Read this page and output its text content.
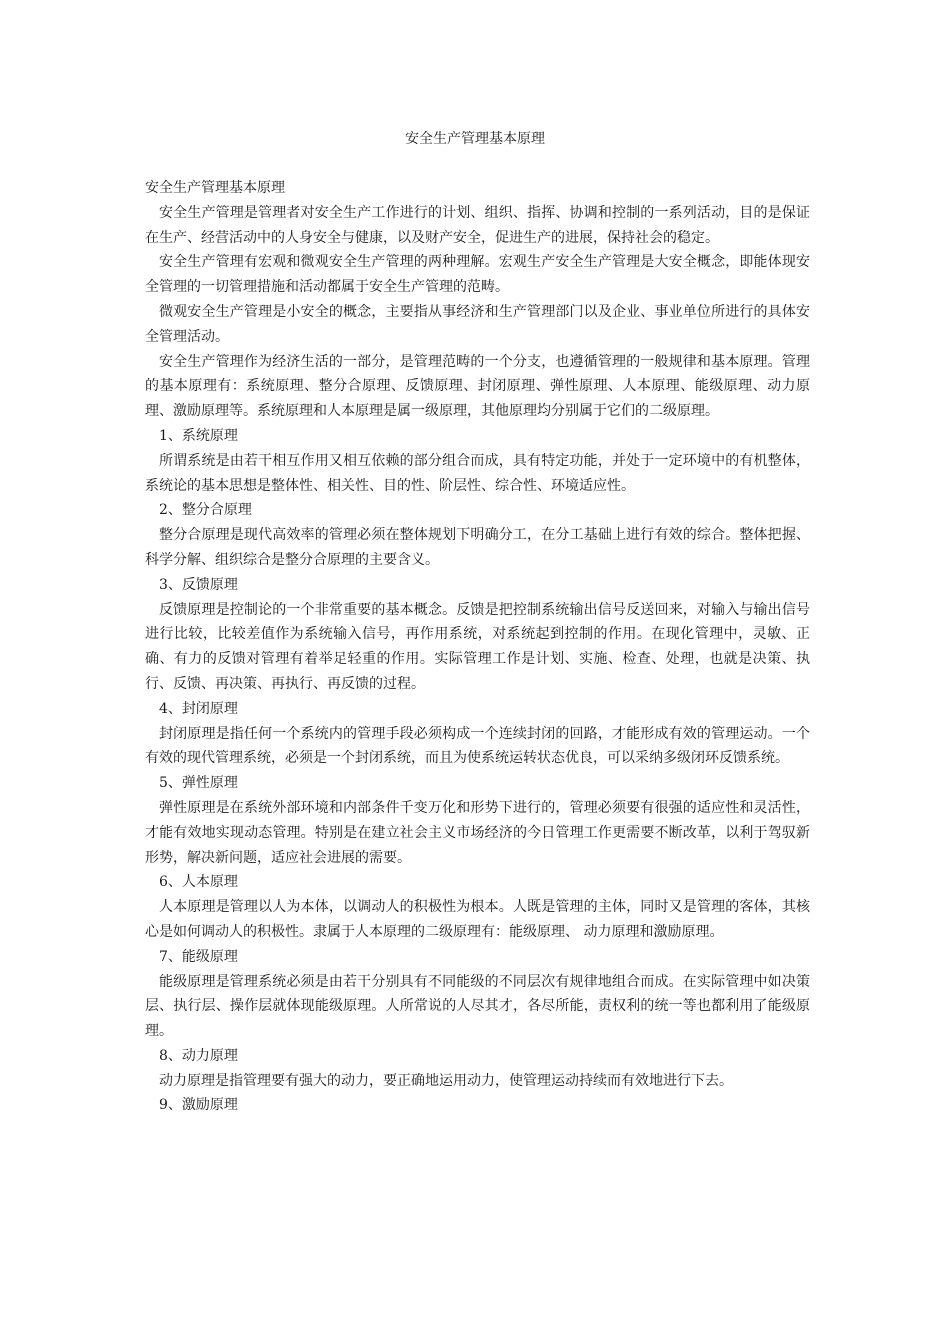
安全生产管理基本原理

安全生产管理基本原理

安全生产管理是管理者对安全生产工作进行的计划、组织、指挥、协调和控制的一系列活动，目的是保证在生产、经营活动中的人身安全与健康，以及财产安全，促进生产的进展，保持社会的稳定。

安全生产管理有宏观和微观安全生产管理的两种理解。宏观生产安全生产管理是大安全概念，即能体现安全管理的一切管理措施和活动都属于安全生产管理的范畴。

微观安全生产管理是小安全的概念，主要指从事经济和生产管理部门以及企业、事业单位所进行的具体安全管理活动。

安全生产管理作为经济生活的一部分，是管理范畴的一个分支，也遵循管理的一般规律和基本原理。管理的基本原理有：系统原理、整分合原理、反馈原理、封闭原理、弹性原理、人本原理、能级原理、动力原理、激励原理等。系统原理和人本原理是属一级原理，其他原理均分别属于它们的二级原理。

1、系统原理

所谓系统是由若干相互作用又相互依赖的部分组合而成，具有特定功能，并处于一定环境中的有机整体，系统论的基本思想是整体性、相关性、目的性、阶层性、综合性、环境适应性。

2、整分合原理

整分合原理是现代高效率的管理必须在整体规划下明确分工，在分工基础上进行有效的综合。整体把握、科学分解、组织综合是整分合原理的主要含义。

3、反馈原理

反馈原理是控制论的一个非常重要的基本概念。反馈是把控制系统输出信号反送回来，对输入与输出信号进行比较，比较差值作为系统输入信号，再作用系统，对系统起到控制的作用。在现化管理中，灵敏、正确、有力的反馈对管理有着举足轻重的作用。实际管理工作是计划、实施、检查、处理，也就是决策、执行、反馈、再决策、再执行、再反馈的过程。

4、封闭原理

封闭原理是指任何一个系统内的管理手段必须构成一个连续封闭的回路，才能形成有效的管理运动。一个有效的现代管理系统，必须是一个封闭系统，而且为使系统运转状态优良，可以采纳多级闭环反馈系统。

5、弹性原理

弹性原理是在系统外部环境和内部条件千变万化和形势下进行的，管理必须要有很强的适应性和灵活性，才能有效地实现动态管理。特别是在建立社会主义市场经济的今日管理工作更需要不断改革，以利于驾驭新形势，解决新问题，适应社会进展的需要。

6、人本原理

人本原理是管理以人为本体，以调动人的积极性为根本。人既是管理的主体，同时又是管理的客体，其核心是如何调动人的积极性。隶属于人本原理的二级原理有：能级原理、 动力原理和激励原理。

7、能级原理

能级原理是管理系统必须是由若干分别具有不同能级的不同层次有规律地组合而成。在实际管理中如决策层、执行层、操作层就体现能级原理。人所常说的人尽其才，各尽所能，责权利的统一等也都利用了能级原理。

8、动力原理

动力原理是指管理要有强大的动力，要正确地运用动力，使管理运动持续而有效地进行下去。

9、激励原理
